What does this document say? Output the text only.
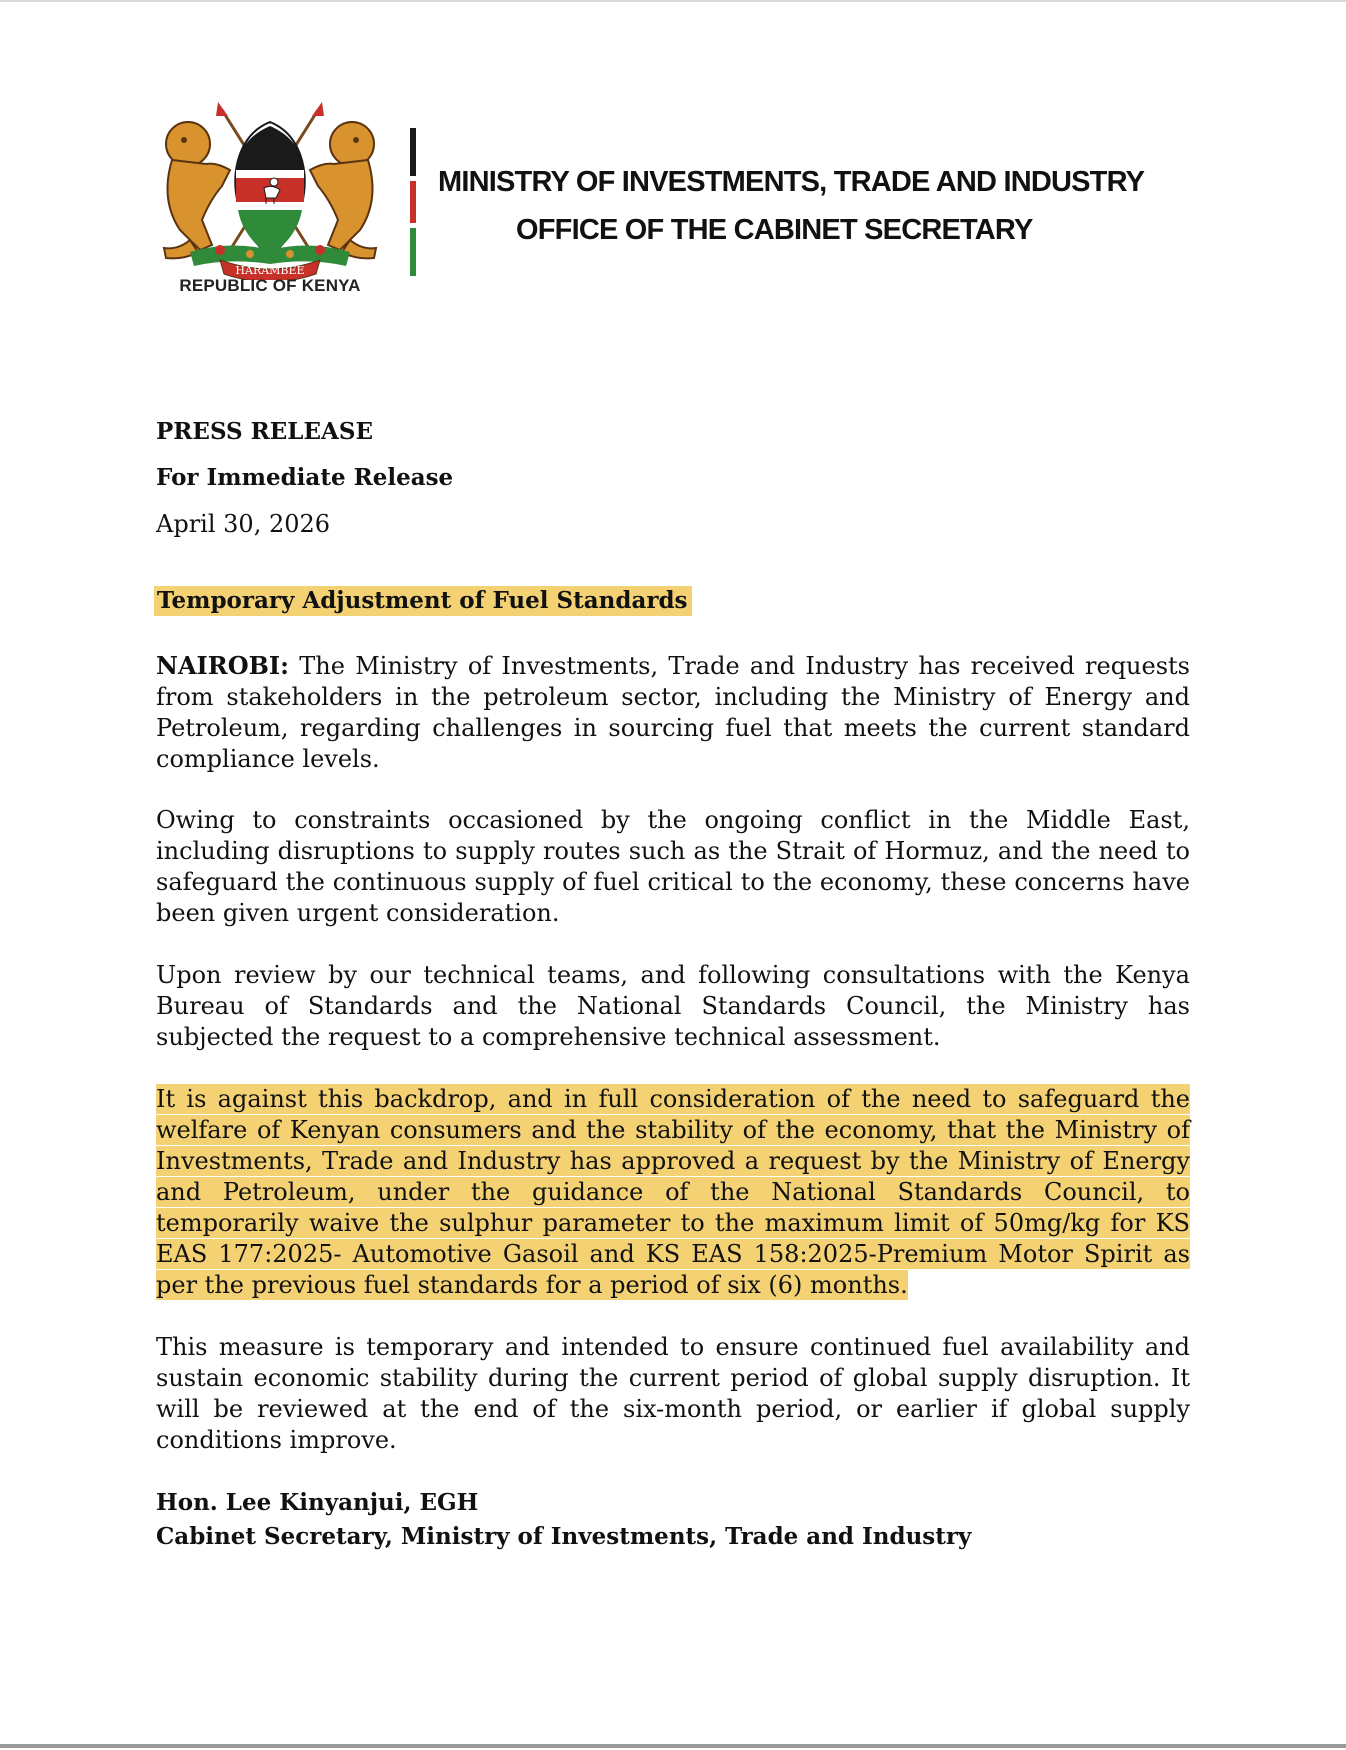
HARAMBEE
REPUBLIC OF KENYA
MINISTRY OF INVESTMENTS, TRADE AND INDUSTRY
OFFICE OF THE CABINET SECRETARY
PRESS RELEASE
For Immediate Release
April 30, 2026
Temporary Adjustment of Fuel Standards

NAIROBI: The Ministry of Investments, Trade and Industry has received requests from stakeholders in the petroleum sector, including the Ministry of Energy and Petroleum, regarding challenges in sourcing fuel that meets the current standard compliance levels.

Owing to constraints occasioned by the ongoing conflict in the Middle East, including disruptions to supply routes such as the Strait of Hormuz, and the need to safeguard the continuous supply of fuel critical to the economy, these concerns have been given urgent consideration.

Upon review by our technical teams, and following consultations with the Kenya Bureau of Standards and the National Standards Council, the Ministry has subjected the request to a comprehensive technical assessment.

It is against this backdrop, and in full consideration of the need to safeguard the welfare of Kenyan consumers and the stability of the economy, that the Ministry of Investments, Trade and Industry has approved a request by the Ministry of Energy and Petroleum, under the guidance of the National Standards Council, to temporarily waive the sulphur parameter to the maximum limit of 50mg/kg for KS EAS 177:2025- Automotive Gasoil and KS EAS 158:2025-Premium Motor Spirit as per the previous fuel standards for a period of six (6) months.

This measure is temporary and intended to ensure continued fuel availability and sustain economic stability during the current period of global supply disruption. It will be reviewed at the end of the six-month period, or earlier if global supply conditions improve.

Hon. Lee Kinyanjui, EGH
Cabinet Secretary, Ministry of Investments, Trade and Industry
